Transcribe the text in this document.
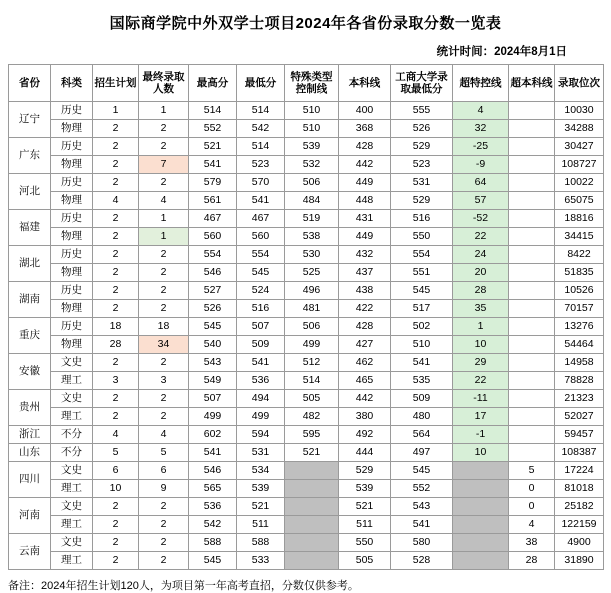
国际商学院中外双学士项目2024年各省份录取分数一览表
统计时间：2024年8月1日
省份	科类	招生计划	最终录取人数	最高分	最低分	特殊类型控制线	本科线	工商大学录取最低分	超特控线	超本科线	录取位次
辽宁	历史	1	1	514	514	510	400	555	4		10030
	物理	2	2	552	542	510	368	526	32		34288
广东	历史	2	2	521	514	539	428	529	-25		30427
	物理	2	7	541	523	532	442	523	-9		108727
河北	历史	2	2	579	570	506	449	531	64		10022
	物理	4	4	561	541	484	448	529	57		65075
福建	历史	2	1	467	467	519	431	516	-52		18816
	物理	2	1	560	560	538	449	550	22		34415
湖北	历史	2	2	554	554	530	432	554	24		8422
	物理	2	2	546	545	525	437	551	20		51835
湖南	历史	2	2	527	524	496	438	545	28		10526
	物理	2	2	526	516	481	422	517	35		70157
重庆	历史	18	18	545	507	506	428	502	1		13276
	物理	28	34	540	509	499	427	510	10		54464
安徽	文史	2	2	543	541	512	462	541	29		14958
	理工	3	3	549	536	514	465	535	22		78828
贵州	文史	2	2	507	494	505	442	509	-11		21323
	理工	2	2	499	499	482	380	480	17		52027
浙江	不分	4	4	602	594	595	492	564	-1		59457
山东	不分	5	5	541	531	521	444	497	10		108387
四川	文史	6	6	546	534		529	545		5	17224
	理工	10	9	565	539		539	552		0	81018
河南	文史	2	2	536	521		521	543		0	25182
	理工	2	2	542	511		511	541		4	122159
云南	文史	2	2	588	588		550	580		38	4900
	理工	2	2	545	533		505	528		28	31890
备注：2024年招生计划120人，为项目第一年高考直招，分数仅供参考。
